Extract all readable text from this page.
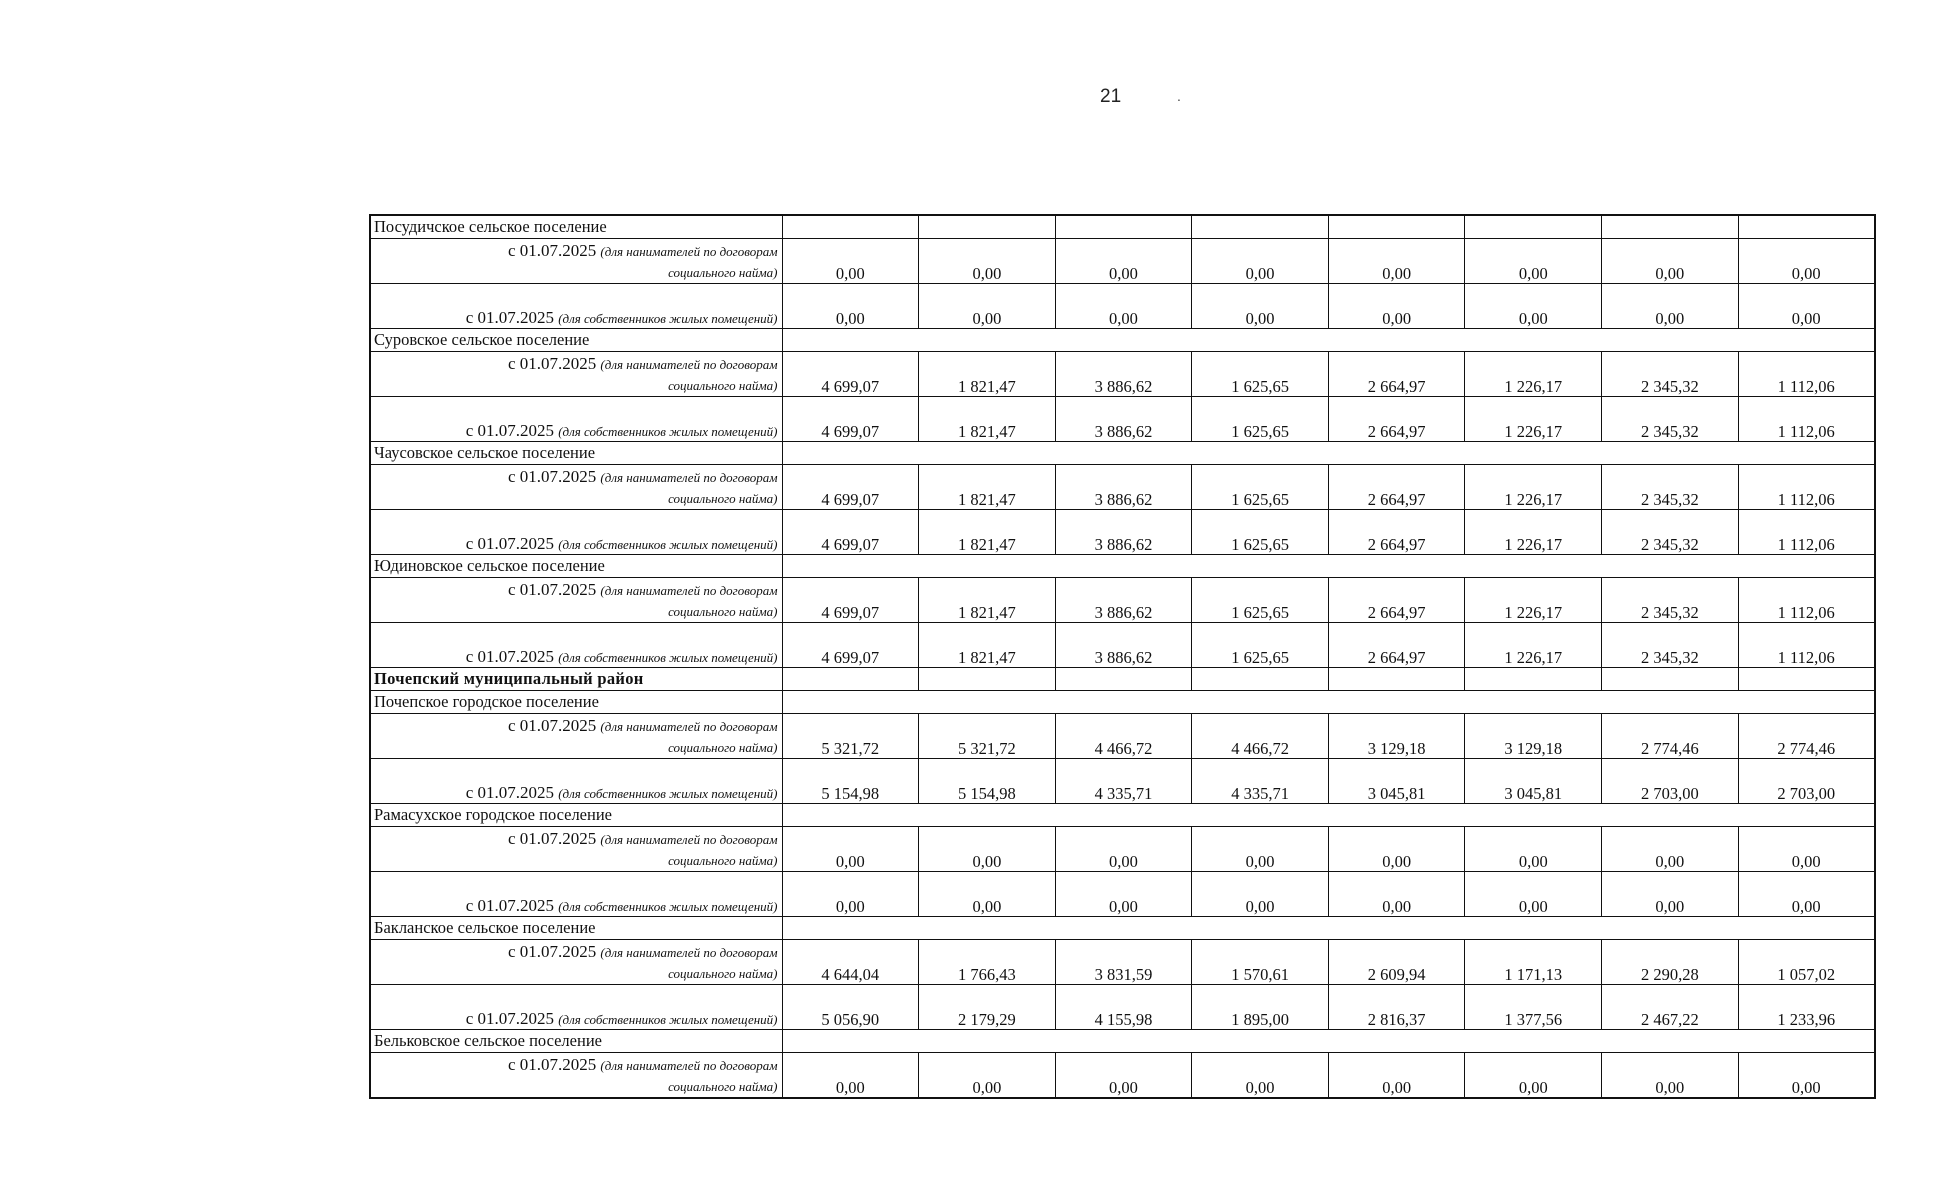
21	.
Посудичское сельское поселение								
с 01.07.2025 (для нанимателей по договорам
социального найма)	0,00	0,00	0,00	0,00	0,00	0,00	0,00	0,00
с 01.07.2025 (для собственников жилых помещений)	0,00	0,00	0,00	0,00	0,00	0,00	0,00	0,00
Суровское сельское поселение								
с 01.07.2025 (для нанимателей по договорам
социального найма)	4 699,07	1 821,47	3 886,62	1 625,65	2 664,97	1 226,17	2 345,32	1 112,06
с 01.07.2025 (для собственников жилых помещений)	4 699,07	1 821,47	3 886,62	1 625,65	2 664,97	1 226,17	2 345,32	1 112,06
Чаусовское сельское поселение								
с 01.07.2025 (для нанимателей по договорам
социального найма)	4 699,07	1 821,47	3 886,62	1 625,65	2 664,97	1 226,17	2 345,32	1 112,06
с 01.07.2025 (для собственников жилых помещений)	4 699,07	1 821,47	3 886,62	1 625,65	2 664,97	1 226,17	2 345,32	1 112,06
Юдиновское сельское поселение								
с 01.07.2025 (для нанимателей по договорам
социального найма)	4 699,07	1 821,47	3 886,62	1 625,65	2 664,97	1 226,17	2 345,32	1 112,06
с 01.07.2025 (для собственников жилых помещений)	4 699,07	1 821,47	3 886,62	1 625,65	2 664,97	1 226,17	2 345,32	1 112,06
Почепский муниципальный район								
Почепское городское поселение								
с 01.07.2025 (для нанимателей по договорам
социального найма)	5 321,72	5 321,72	4 466,72	4 466,72	3 129,18	3 129,18	2 774,46	2 774,46
с 01.07.2025 (для собственников жилых помещений)	5 154,98	5 154,98	4 335,71	4 335,71	3 045,81	3 045,81	2 703,00	2 703,00
Рамасухское городское поселение								
с 01.07.2025 (для нанимателей по договорам
социального найма)	0,00	0,00	0,00	0,00	0,00	0,00	0,00	0,00
с 01.07.2025 (для собственников жилых помещений)	0,00	0,00	0,00	0,00	0,00	0,00	0,00	0,00
Бакланское сельское поселение								
с 01.07.2025 (для нанимателей по договорам
социального найма)	4 644,04	1 766,43	3 831,59	1 570,61	2 609,94	1 171,13	2 290,28	1 057,02
с 01.07.2025 (для собственников жилых помещений)	5 056,90	2 179,29	4 155,98	1 895,00	2 816,37	1 377,56	2 467,22	1 233,96
Бельковское сельское поселение								
с 01.07.2025 (для нанимателей по договорам
социального найма)	0,00	0,00	0,00	0,00	0,00	0,00	0,00	0,00
